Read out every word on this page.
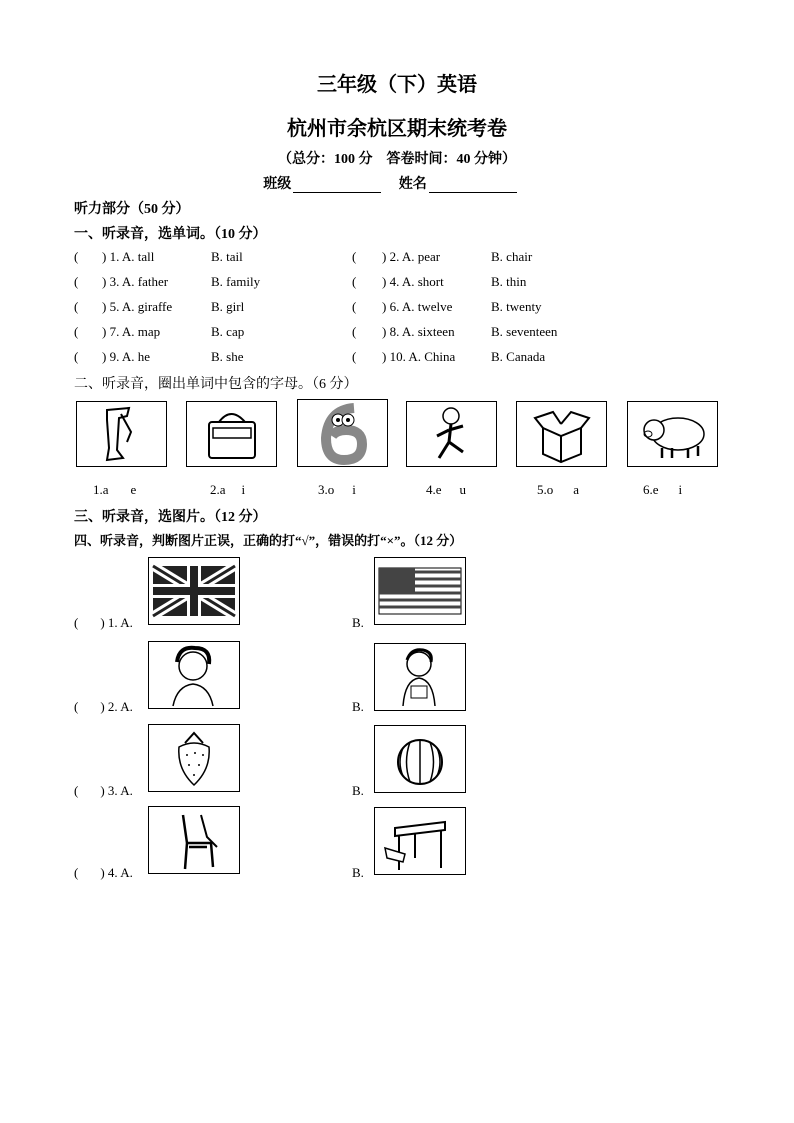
三年级（下）英语
杭州市余杭区期末统考卷
（总分：100 分　答卷时间：40 分钟）
班级	姓名
听力部分（50 分）
一、听录音，选单词。（10 分）
( ) 1. A. tall	B. tail	( ) 2. A. pear	B. chair
( ) 3. A. father	B. family	( ) 4. A. short	B. thin
( ) 5. A. giraffe	B. girl	( ) 6. A. twelve	B. twenty
( ) 7. A. map	B. cap	( ) 8. A. sixteen	B. seventeen
( ) 9. A. he	B. she	( ) 10. A. China	B. Canada
二、听录音，圈出单词中包含的字母。（6 分）
1.a e	2.a i	3.o i	4.e u	5.o a	6.e i
三、听录音，选图片。（12 分）
四、听录音，判断图片正误，正确的打“√”，错误的打“×”。（12 分）
( ) 1. A.	B.
( ) 2. A.	B.
( ) 3. A.	B.
( ) 4. A.	B.
